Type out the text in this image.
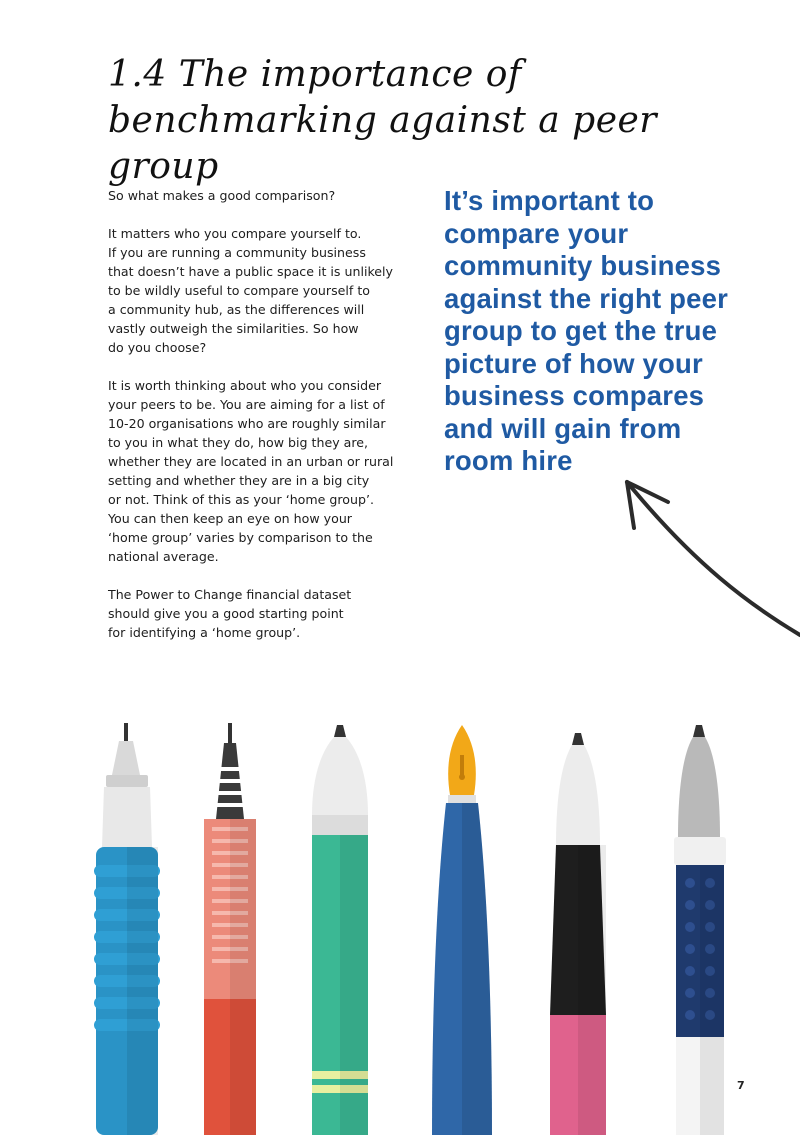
1.4 The importance of
benchmarking against a peer group

So what makes a good comparison?

It matters who you compare yourself to.
If you are running a community business
that doesn’t have a public space it is unlikely
to be wildly useful to compare yourself to
a community hub, as the differences will
vastly outweigh the similarities. So how
do you choose?

It is worth thinking about who you consider
your peers to be. You are aiming for a list of
10-20 organisations who are roughly similar
to you in what they do, how big they are,
whether they are located in an urban or rural
setting and whether they are in a big city
or not. Think of this as your ‘home group’.
You can then keep an eye on how your
‘home group’ varies by comparison to the
national average.

The Power to Change financial dataset
should give you a good starting point
for identifying a ‘home group’.

It’s important to
compare your
community business
against the right peer
group to get the true
picture of how your
business compares
and will gain from
room hire

7
